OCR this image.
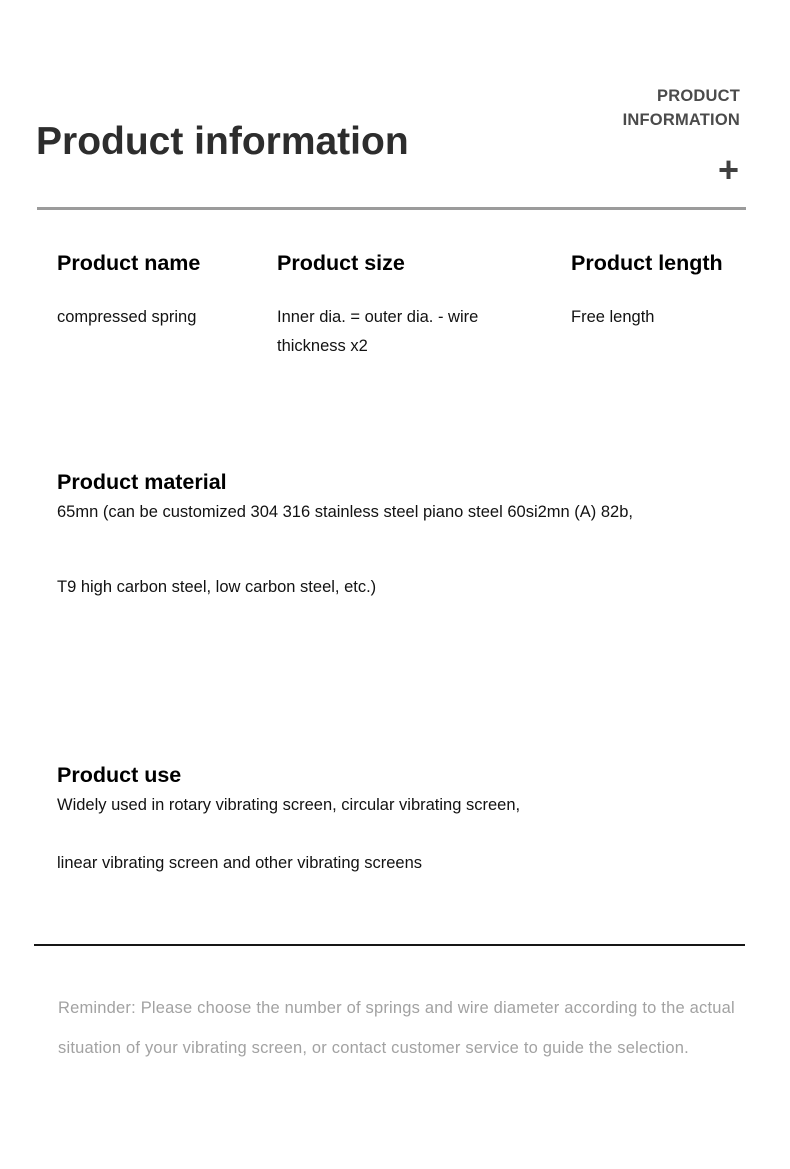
Product information
PRODUCT
INFORMATION
+
Product name
compressed spring
Product size
Inner dia. = outer dia. - wire thickness x2
Product length
Free length
Product material
65mn (can be customized 304 316 stainless steel piano steel 60si2mn (A) 82b,
T9 high carbon steel, low carbon steel, etc.)
Product use
Widely used in rotary vibrating screen, circular vibrating screen,
linear vibrating screen and other vibrating screens
Reminder: Please choose the number of springs and wire diameter according to the actual
situation of your vibrating screen, or contact customer service to guide the selection.
